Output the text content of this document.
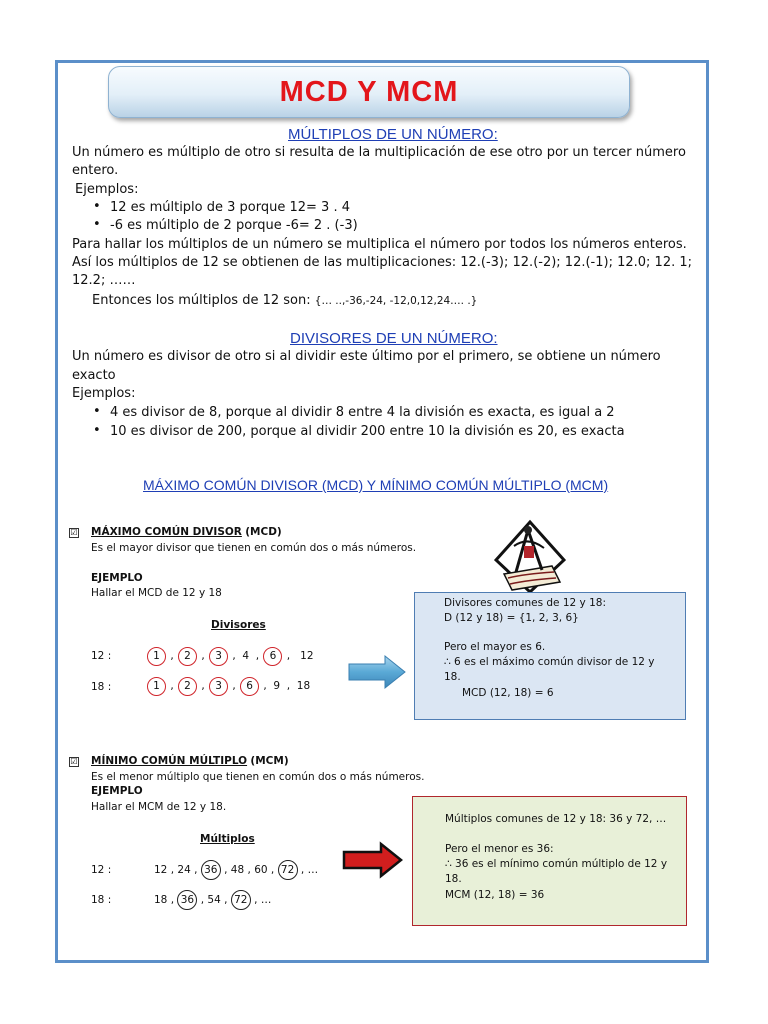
MCD Y MCM
MÚLTIPLOS DE UN NÚMERO:
Un número es múltiplo de otro si resulta de la multiplicación de ese otro por un tercer número
entero.
Ejemplos:
• 12 es múltiplo de 3 porque 12= 3 . 4
• -6 es múltiplo de 2 porque -6= 2 . (-3)
Para hallar los múltiplos de un número se multiplica el número por todos los números enteros.
Así los múltiplos de 12 se obtienen de las multiplicaciones: 12.(-3); 12.(-2); 12.(-1); 12.0; 12. 1;
12.2; ……
Entonces los múltiplos de 12 son: {… ..,-36,-24, -12,0,12,24…. .}
DIVISORES DE UN NÚMERO:
Un número es divisor de otro si al dividir este último por el primero, se obtiene un número
exacto
Ejemplos:
• 4 es divisor de 8, porque al dividir 8 entre 4 la división es exacta, es igual a 2
• 10 es divisor de 200, porque al dividir 200 entre 10 la división es 20, es exacta
MÁXIMO COMÚN DIVISOR (MCD) Y MÍNIMO COMÚN MÚLTIPLO (MCM)
☑ MÁXIMO COMÚN DIVISOR (MCD)
Es el mayor divisor que tienen en común dos o más números.
EJEMPLO
Hallar el MCD de 12 y 18
Divisores
12 :	1 , 2 , 3 ,  4  , 6 ,   12
18 :	1 , 2 , 3 , 6 ,  9  ,  18
Divisores comunes de 12 y 18:
D (12 y 18) = {1, 2, 3, 6}
Pero el mayor es 6.
∴ 6 es el máximo común divisor de 12 y
18.
MCD (12, 18) = 6
☑ MÍNIMO COMÚN MÚLTIPLO (MCM)
Es el menor múltiplo que tienen en común dos o más números.
EJEMPLO
Hallar el MCM de 12 y 18.
Múltiplos
12 :	12 , 24 , 36 , 48 , 60 , 72 , …
18 :	18 , 36 , 54 , 72 , …
Múltiplos comunes de 12 y 18: 36 y 72, …
Pero el menor es 36:
∴ 36 es el mínimo común múltiplo de 12 y
18.
MCM (12, 18) = 36
